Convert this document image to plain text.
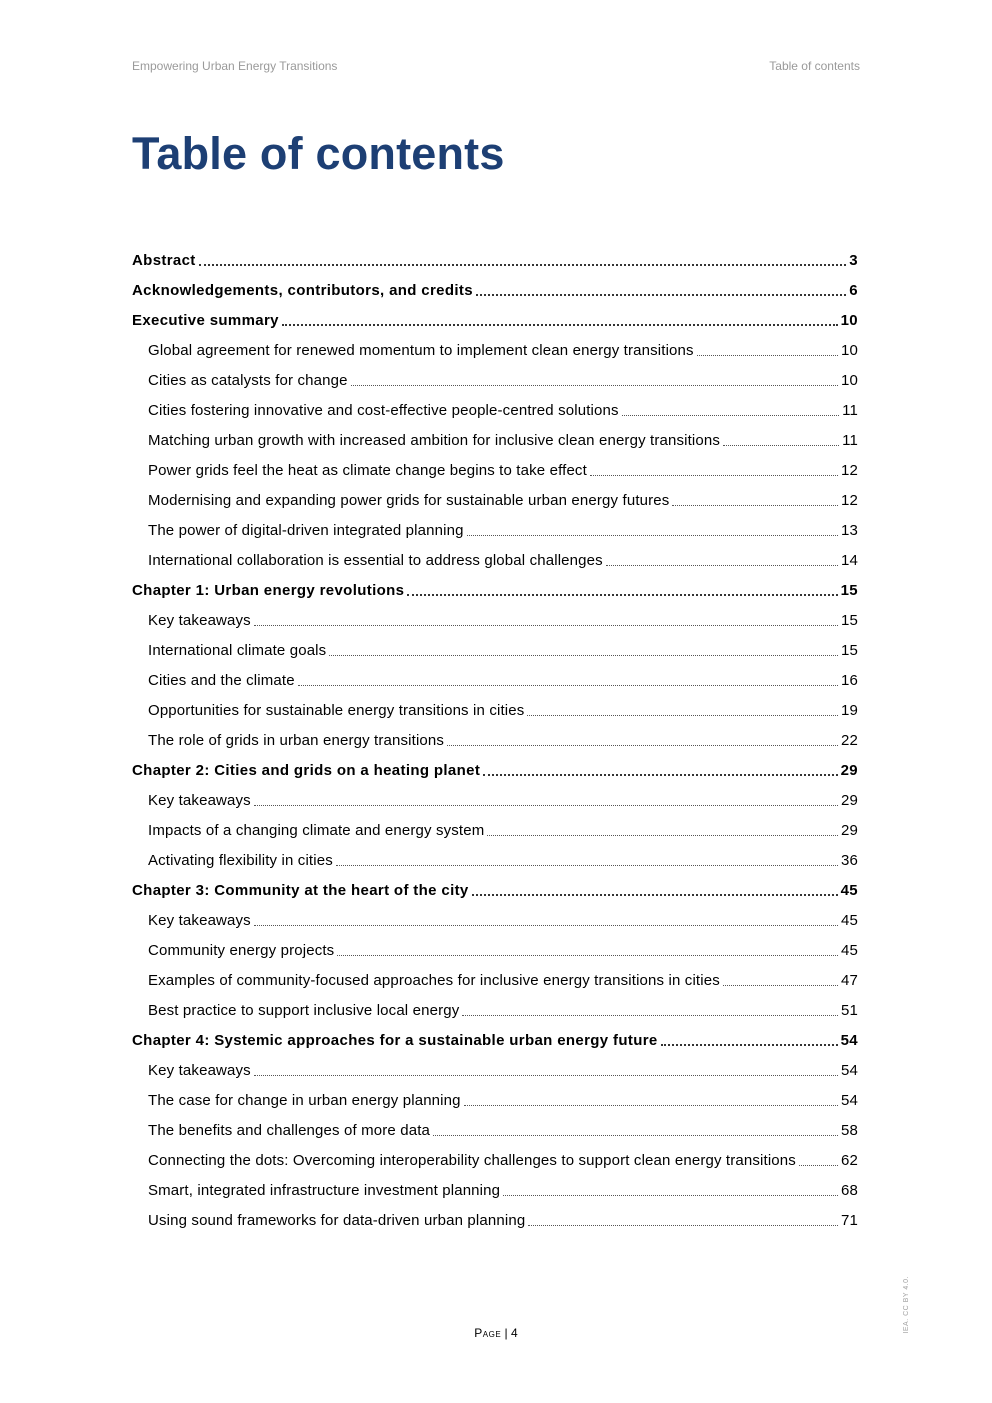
Empowering Urban Energy Transitions	Table of contents
Table of contents
Abstract	3
Acknowledgements, contributors, and credits	6
Executive summary	10
Global agreement for renewed momentum to implement clean energy transitions	10
Cities as catalysts for change	10
Cities fostering innovative and cost-effective people-centred solutions	11
Matching urban growth with increased ambition for inclusive clean energy transitions	11
Power grids feel the heat as climate change begins to take effect	12
Modernising and expanding power grids for sustainable urban energy futures	12
The power of digital-driven integrated planning	13
International collaboration is essential to address global challenges	14
Chapter 1: Urban energy revolutions	15
Key takeaways	15
International climate goals	15
Cities and the climate	16
Opportunities for sustainable energy transitions in cities	19
The role of grids in urban energy transitions	22
Chapter 2: Cities and grids on a heating planet	29
Key takeaways	29
Impacts of a changing climate and energy system	29
Activating flexibility in cities	36
Chapter 3: Community at the heart of the city	45
Key takeaways	45
Community energy projects	45
Examples of community-focused approaches for inclusive energy transitions in cities	47
Best practice to support inclusive local energy	51
Chapter 4: Systemic approaches for a sustainable urban energy future	54
Key takeaways	54
The case for change in urban energy planning	54
The benefits and challenges of more data	58
Connecting the dots: Overcoming interoperability challenges to support clean energy transitions	62
Smart, integrated infrastructure investment planning	68
Using sound frameworks for data-driven urban planning	71
Page | 4	IEA. CC BY 4.0.
